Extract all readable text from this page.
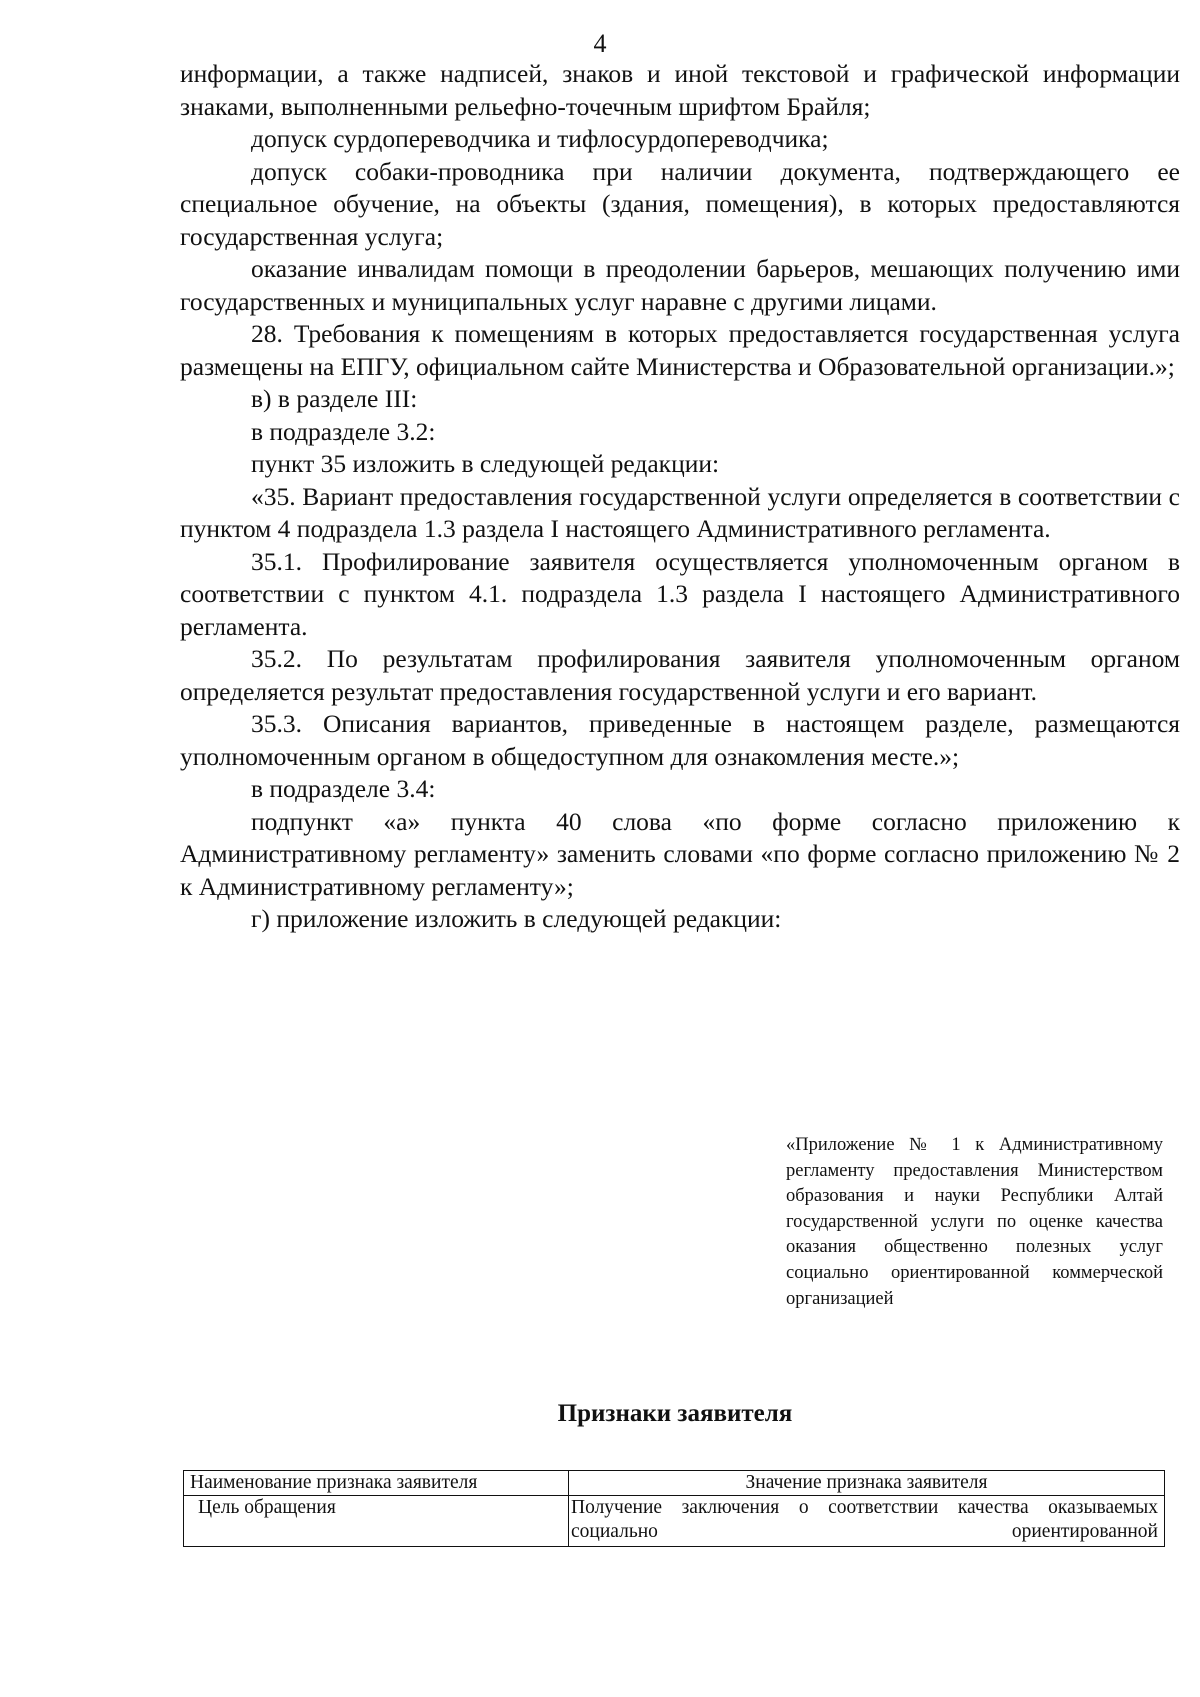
4

информации, а также надписей, знаков и иной текстовой и графической информации знаками, выполненными рельефно-точечным шрифтом Брайля;

допуск сурдопереводчика и тифлосурдопереводчика;

допуск собаки-проводника при наличии документа, подтверждающего ее специальное обучение, на объекты (здания, помещения), в которых предоставляются государственная услуга;

оказание инвалидам помощи в преодолении барьеров, мешающих получению ими государственных и муниципальных услуг наравне с другими лицами.

28. Требования к помещениям в которых предоставляется государственная услуга размещены на ЕПГУ, официальном сайте Министерства и Образовательной организации.»;

в) в разделе III:

в подразделе 3.2:

пункт 35 изложить в следующей редакции:

«35. Вариант предоставления государственной услуги определяется в соответствии с пунктом 4 подраздела 1.3 раздела I настоящего Административного регламента.

35.1. Профилирование заявителя осуществляется уполномоченным органом в соответствии с пунктом 4.1. подраздела 1.3 раздела I настоящего Административного регламента.

35.2. По результатам профилирования заявителя уполномоченным органом определяется результат предоставления государственной услуги и его вариант.

35.3. Описания вариантов, приведенные в настоящем разделе, размещаются уполномоченным органом в общедоступном для ознакомления месте.»;

в подразделе 3.4:

подпункт «а» пункта 40 слова «по форме согласно приложению к Административному регламенту» заменить словами «по форме согласно приложению № 2 к Административному регламенту»;

г) приложение изложить в следующей редакции:

«Приложение № 1 к Административному регламенту предоставления Министерством образования и науки Республики Алтай государственной услуги по оценке качества оказания общественно полезных услуг социально ориентированной коммерческой организацией
Признаки заявителя
Наименование признака заявителя	Значение признака заявителя
Цель обращения	Получение заключения о соответствии качества оказываемых социально ориентированной
